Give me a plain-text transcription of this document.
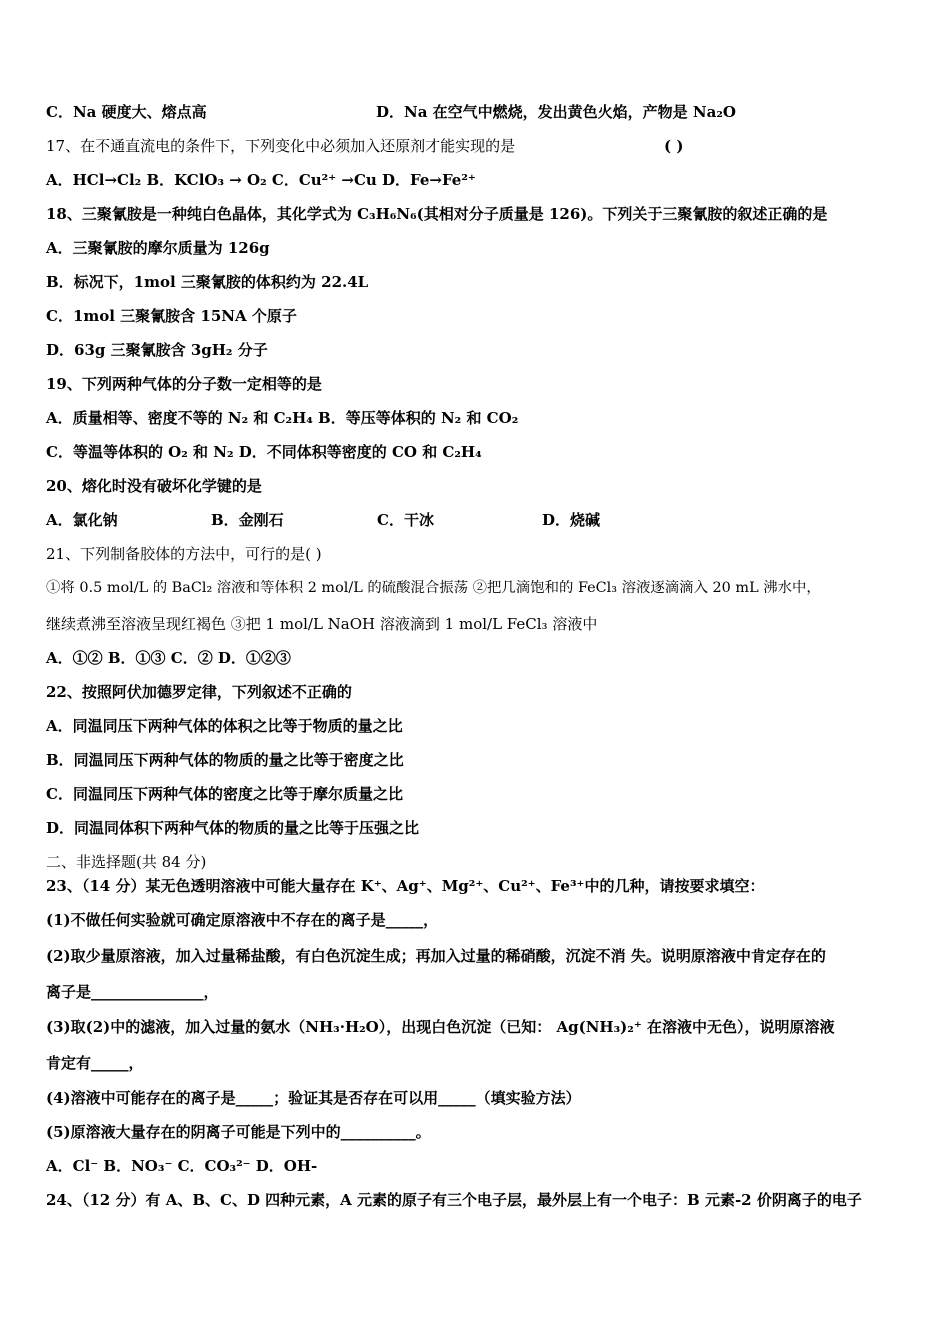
C．Na 硬度大、熔点高	D．Na 在空气中燃烧，发出黄色火焰，产物是 Na₂O
17、在不通直流电的条件下，下列变化中必须加入还原剂才能实现的是	( )
A．HCl→Cl₂ B．KClO₃ → O₂ C．Cu²⁺ →Cu D．Fe→Fe²⁺
18、三聚氰胺是一种纯白色晶体，其化学式为 C₃H₆N₆(其相对分子质量是 126)。下列关于三聚氰胺的叙述正确的是
A．三聚氰胺的摩尔质量为 126g
B．标况下，1mol 三聚氰胺的体积约为 22.4L
C．1mol 三聚氰胺含 15NA 个原子
D．63g 三聚氰胺含 3gH₂ 分子
19、下列两种气体的分子数一定相等的是
A．质量相等、密度不等的 N₂ 和 C₂H₄ B．等压等体积的 N₂ 和 CO₂
C．等温等体积的 O₂ 和 N₂ D．不同体积等密度的 CO 和 C₂H₄
20、熔化时没有破坏化学键的是
A．氯化钠	B．金刚石	C．干冰	D．烧碱
21、下列制备胶体的方法中，可行的是( )
①将 0.5 mol/L 的 BaCl₂ 溶液和等体积 2 mol/L 的硫酸混合振荡 ②把几滴饱和的 FeCl₃ 溶液逐滴滴入 20 mL 沸水中，
继续煮沸至溶液呈现红褐色 ③把 1 mol/L NaOH 溶液滴到 1 mol/L FeCl₃ 溶液中
A．①② B．①③ C．② D．①②③
22、按照阿伏加德罗定律，下列叙述不正确的
A．同温同压下两种气体的体积之比等于物质的量之比
B．同温同压下两种气体的物质的量之比等于密度之比
C．同温同压下两种气体的密度之比等于摩尔质量之比
D．同温同体积下两种气体的物质的量之比等于压强之比
二、非选择题(共 84 分)
23、（14 分）某无色透明溶液中可能大量存在 K⁺、Ag⁺、Mg²⁺、Cu²⁺、Fe³⁺中的几种，请按要求填空：
(1)不做任何实验就可确定原溶液中不存在的离子是_____，
(2)取少量原溶液，加入过量稀盐酸，有白色沉淀生成；再加入过量的稀硝酸，沉淀不消 失。说明原溶液中肯定存在的
离子是_______________，
(3)取(2)中的滤液，加入过量的氨水（NH₃·H₂O），出现白色沉淀（已知： Ag(NH₃)₂⁺ 在溶液中无色），说明原溶液
肯定有_____，
(4)溶液中可能存在的离子是_____；验证其是否存在可以用_____（填实验方法）
(5)原溶液大量存在的阴离子可能是下列中的__________。
A．Cl⁻ B．NO₃⁻ C．CO₃²⁻ D．OH-
24、（12 分）有 A、B、C、D 四种元素，A 元素的原子有三个电子层，最外层上有一个电子：B 元素-2 价阴离子的电子
